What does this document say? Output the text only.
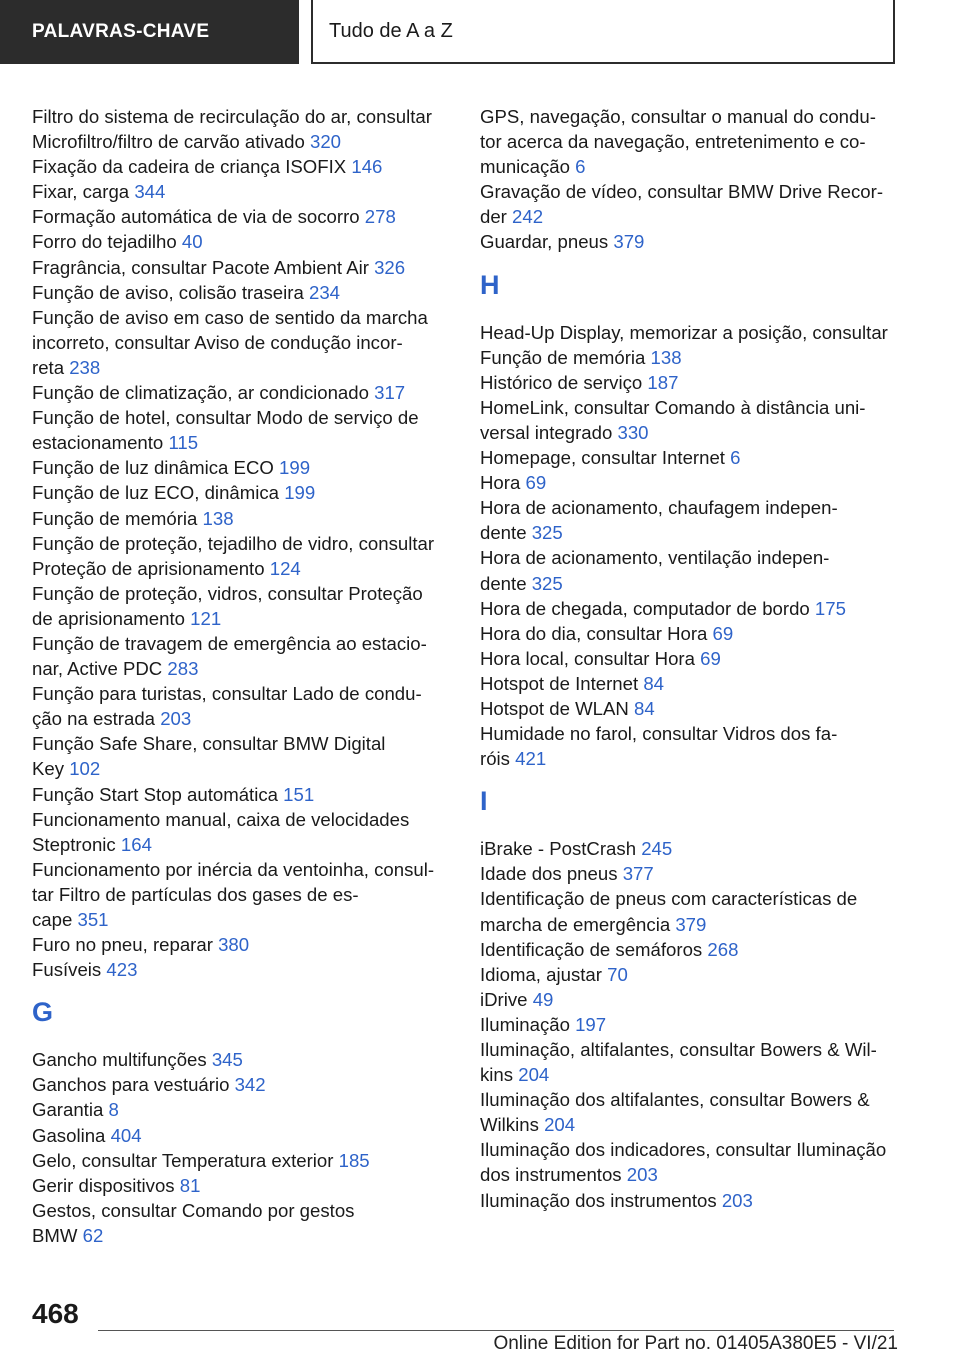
PALAVRAS-CHAVE	Tudo de A a Z
Filtro do sistema de recirculação do ar, consultar
Microfiltro/filtro de carvão ativado 320
Fixação da cadeira de criança ISOFIX 146
Fixar, carga 344
Formação automática de via de socorro 278
Forro do tejadilho 40
Fragrância, consultar Pacote Ambient Air 326
Função de aviso, colisão traseira 234
Função de aviso em caso de sentido da marcha
incorreto, consultar Aviso de condução incor-
reta 238
Função de climatização, ar condicionado 317
Função de hotel, consultar Modo de serviço de
estacionamento 115
Função de luz dinâmica ECO 199
Função de luz ECO, dinâmica 199
Função de memória 138
Função de proteção, tejadilho de vidro, consultar
Proteção de aprisionamento 124
Função de proteção, vidros, consultar Proteção
de aprisionamento 121
Função de travagem de emergência ao estacio-
nar, Active PDC 283
Função para turistas, consultar Lado de condu-
ção na estrada 203
Função Safe Share, consultar BMW Digital
Key 102
Função Start Stop automática 151
Funcionamento manual, caixa de velocidades
Steptronic 164
Funcionamento por inércia da ventoinha, consul-
tar Filtro de partículas dos gases de es-
cape 351
Furo no pneu, reparar 380
Fusíveis 423
G
Gancho multifunções 345
Ganchos para vestuário 342
Garantia 8
Gasolina 404
Gelo, consultar Temperatura exterior 185
Gerir dispositivos 81
Gestos, consultar Comando por gestos
BMW 62
GPS, navegação, consultar o manual do condu-
tor acerca da navegação, entretenimento e co-
municação 6
Gravação de vídeo, consultar BMW Drive Recor-
der 242
Guardar, pneus 379
H
Head-Up Display, memorizar a posição, consultar
Função de memória 138
Histórico de serviço 187
HomeLink, consultar Comando à distância uni-
versal integrado 330
Homepage, consultar Internet 6
Hora 69
Hora de acionamento, chaufagem indepen-
dente 325
Hora de acionamento, ventilação indepen-
dente 325
Hora de chegada, computador de bordo 175
Hora do dia, consultar Hora 69
Hora local, consultar Hora 69
Hotspot de Internet 84
Hotspot de WLAN 84
Humidade no farol, consultar Vidros dos fa-
róis 421
I
iBrake - PostCrash 245
Idade dos pneus 377
Identificação de pneus com características de
marcha de emergência 379
Identificação de semáforos 268
Idioma, ajustar 70
iDrive 49
Iluminação 197
Iluminação, altifalantes, consultar Bowers & Wil-
kins 204
Iluminação dos altifalantes, consultar Bowers &
Wilkins 204
Iluminação dos indicadores, consultar Iluminação
dos instrumentos 203
Iluminação dos instrumentos 203
468
Online Edition for Part no. 01405A380E5 - VI/21
